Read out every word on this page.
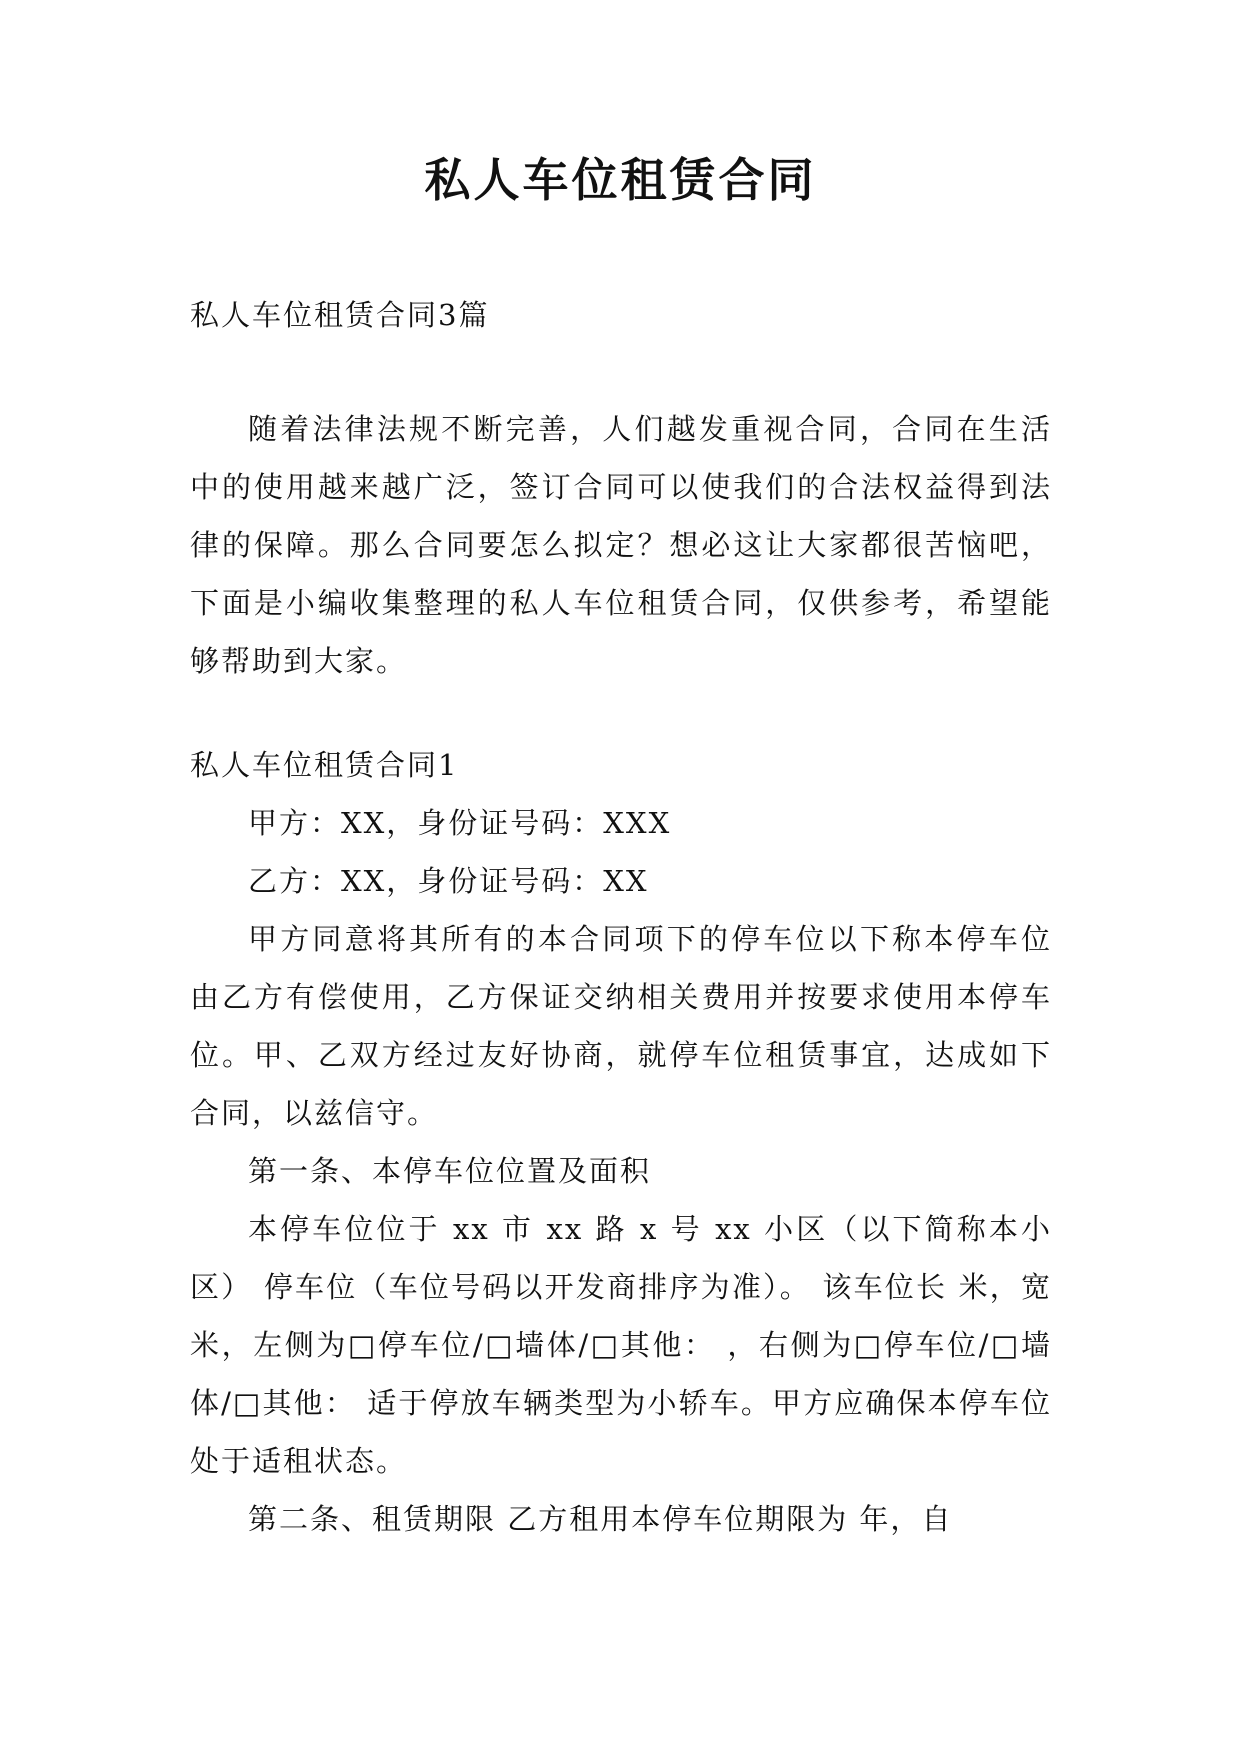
私人车位租赁合同

私人车位租赁合同3篇

随着法律法规不断完善，人们越发重视合同，合同在生活中的使用越来越广泛，签订合同可以使我们的合法权益得到法律的保障。那么合同要怎么拟定？想必这让大家都很苦恼吧，下面是小编收集整理的私人车位租赁合同，仅供参考，希望能够帮助到大家。

私人车位租赁合同1

甲方：XX，身份证号码：XXX

乙方：XX，身份证号码：XX

甲方同意将其所有的本合同项下的停车位以下称本停车位由乙方有偿使用，乙方保证交纳相关费用并按要求使用本停车位。甲、乙双方经过友好协商，就停车位租赁事宜，达成如下合同，以兹信守。

第一条、本停车位位置及面积

本停车位位于 xx 市 xx 路 x 号 xx 小区（以下简称本小区） 停车位（车位号码以开发商排序为准）。 该车位长 米，宽 米，左侧为□停车位/□墙体/□其他： ，右侧为□停车位/□墙体/□其他： 适于停放车辆类型为小轿车。甲方应确保本停车位处于适租状态。

第二条、租赁期限 乙方租用本停车位期限为 年，自
